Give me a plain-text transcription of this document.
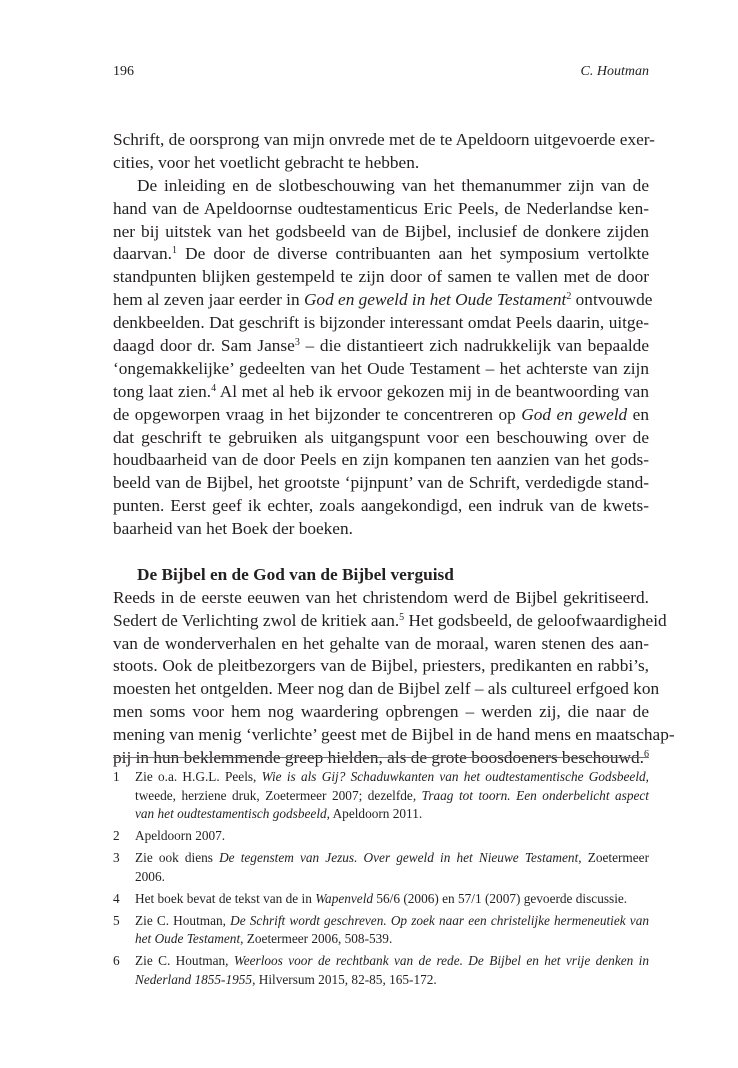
196	C. Houtman
Schrift, de oorsprong van mijn onvrede met de te Apeldoorn uitgevoerde exer-
cities, voor het voetlicht gebracht te hebben.
De inleiding en de slotbeschouwing van het themanummer zijn van de
hand van de Apeldoornse oudtestamenticus Eric Peels, de Nederlandse ken-
ner bij uitstek van het godsbeeld van de Bijbel, inclusief de donkere zijden
daarvan.$^1$ De door de diverse contribuanten aan het symposium vertolkte
standpunten blijken gestempeld te zijn door of samen te vallen met de door
hem al zeven jaar eerder in God en geweld in het Oude Testament$^2$ ontvouwde
denkbeelden. Dat geschrift is bijzonder interessant omdat Peels daarin, uitge-
daagd door dr. Sam Janse$^3$ – die distantieert zich nadrukkelijk van bepaalde
‘ongemakkelijke’ gedeelten van het Oude Testament – het achterste van zijn
tong laat zien.$^4$ Al met al heb ik ervoor gekozen mij in de beantwoording van
de opgeworpen vraag in het bijzonder te concentreren op God en geweld en
dat geschrift te gebruiken als uitgangspunt voor een beschouwing over de
houdbaarheid van de door Peels en zijn kompanen ten aanzien van het gods-
beeld van de Bijbel, het grootste ‘pijnpunt’ van de Schrift, verdedigde stand-
punten. Eerst geef ik echter, zoals aangekondigd, een indruk van de kwets-
baarheid van het Boek der boeken.
De Bijbel en de God van de Bijbel verguisd
Reeds in de eerste eeuwen van het christendom werd de Bijbel gekritiseerd.
Sedert de Verlichting zwol de kritiek aan.$^5$ Het godsbeeld, de geloofwaardigheid
van de wonderverhalen en het gehalte van de moraal, waren stenen des aan-
stoots. Ook de pleitbezorgers van de Bijbel, priesters, predikanten en rabbi’s,
moesten het ontgelden. Meer nog dan de Bijbel zelf – als cultureel erfgoed kon
men soms voor hem nog waardering opbrengen – werden zij, die naar de
mening van menig ‘verlichte’ geest met de Bijbel in de hand mens en maatschap-
pij in hun beklemmende greep hielden, als de grote boosdoeners beschouwd.$^6$
1 Zie o.a. H.G.L. Peels, Wie is als Gij? Schaduwkanten van het oudtestamentische Godsbeeld,
tweede, herziene druk, Zoetermeer 2007; dezelfde, Traag tot toorn. Een onderbelicht aspect
van het oudtestamentisch godsbeeld, Apeldoorn 2011.
2 Apeldoorn 2007.
3 Zie ook diens De tegenstem van Jezus. Over geweld in het Nieuwe Testament, Zoetermeer
2006.
4 Het boek bevat de tekst van de in Wapenveld 56/6 (2006) en 57/1 (2007) gevoerde discussie.
5 Zie C. Houtman, De Schrift wordt geschreven. Op zoek naar een christelijke hermeneutiek van
het Oude Testament, Zoetermeer 2006, 508-539.
6 Zie C. Houtman, Weerloos voor de rechtbank van de rede. De Bijbel en het vrije denken in
Nederland 1855-1955, Hilversum 2015, 82-85, 165-172.
